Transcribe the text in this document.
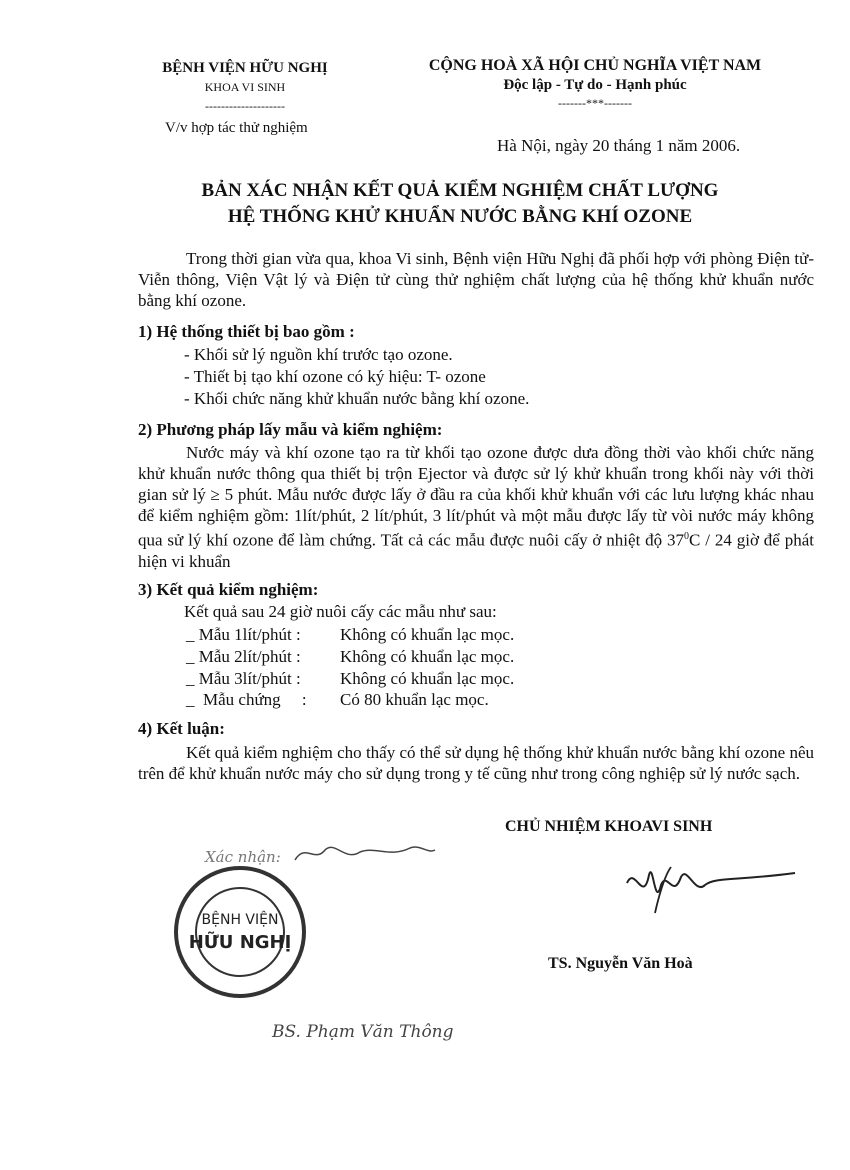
BỆNH VIỆN HỮU NGHỊ
KHOA VI SINH
--------------------
V/v hợp tác thử nghiệm
CỘNG HOÀ XÃ HỘI CHỦ NGHĨA VIỆT NAM
Độc lập - Tự do - Hạnh phúc
-------***-------
Hà Nội, ngày 20 tháng 1 năm 2006.
BẢN XÁC NHẬN KẾT QUẢ KIỂM NGHIỆM CHẤT LƯỢNG
HỆ THỐNG KHỬ KHUẨN NƯỚC BẰNG KHÍ OZONE
Trong thời gian vừa qua, khoa Vi sinh, Bệnh viện Hữu Nghị đã phối hợp với phòng Điện tử-Viễn thông, Viện Vật lý và Điện tử cùng thử nghiệm chất lượng của hệ thống khử khuẩn nước bằng khí ozone.
1) Hệ thống thiết bị bao gồm :
- Khối sử lý nguồn khí trước tạo ozone.
- Thiết bị tạo khí ozone có ký hiệu: T- ozone
- Khối chức năng khử khuẩn nước bằng khí ozone.
2) Phương pháp lấy mẫu và kiểm nghiệm:
Nước máy và khí ozone tạo ra từ khối tạo ozone được dưa đồng thời vào khối chức năng khử khuẩn nước thông qua thiết bị trộn Ejector và được sử lý khử khuẩn trong khối này với thời gian sử lý ≥ 5 phút. Mẫu nước được lấy ở đầu ra của khối khử khuẩn với các lưu lượng khác nhau để kiểm nghiệm gồm: 1lít/phút, 2 lít/phút, 3 lít/phút và một mẫu được lấy từ vòi nước máy không qua sử lý khí ozone để làm chứng. Tất cả các mẫu được nuôi cấy ở nhiệt độ $37^0C / 24$ giờ để phát hiện vi khuẩn
3) Kết quả kiểm nghiệm:
Kết quả sau 24 giờ nuôi cấy các mẫu như sau:
_ Mẫu 1lít/phút : Không có khuẩn lạc mọc.
_ Mẫu 2lít/phút : Không có khuẩn lạc mọc.
_ Mẫu 3lít/phút : Không có khuẩn lạc mọc.
_  Mẫu chứng     : Có 80 khuẩn lạc mọc.
4) Kết luận:
Kết quả kiểm nghiệm cho thấy có thể sử dụng hệ thống khử khuẩn nước bằng khí ozone nêu trên để khử khuẩn nước máy cho sử dụng trong y tế cũng như trong công nghiệp sử lý nước sạch.
CHỦ NHIỆM KHOAVI SINH
TS. Nguyễn Văn Hoà
Xác nhận:
BỆNH VIỆN
HỮU NGHỊ
BS. Phạm Văn Thông
